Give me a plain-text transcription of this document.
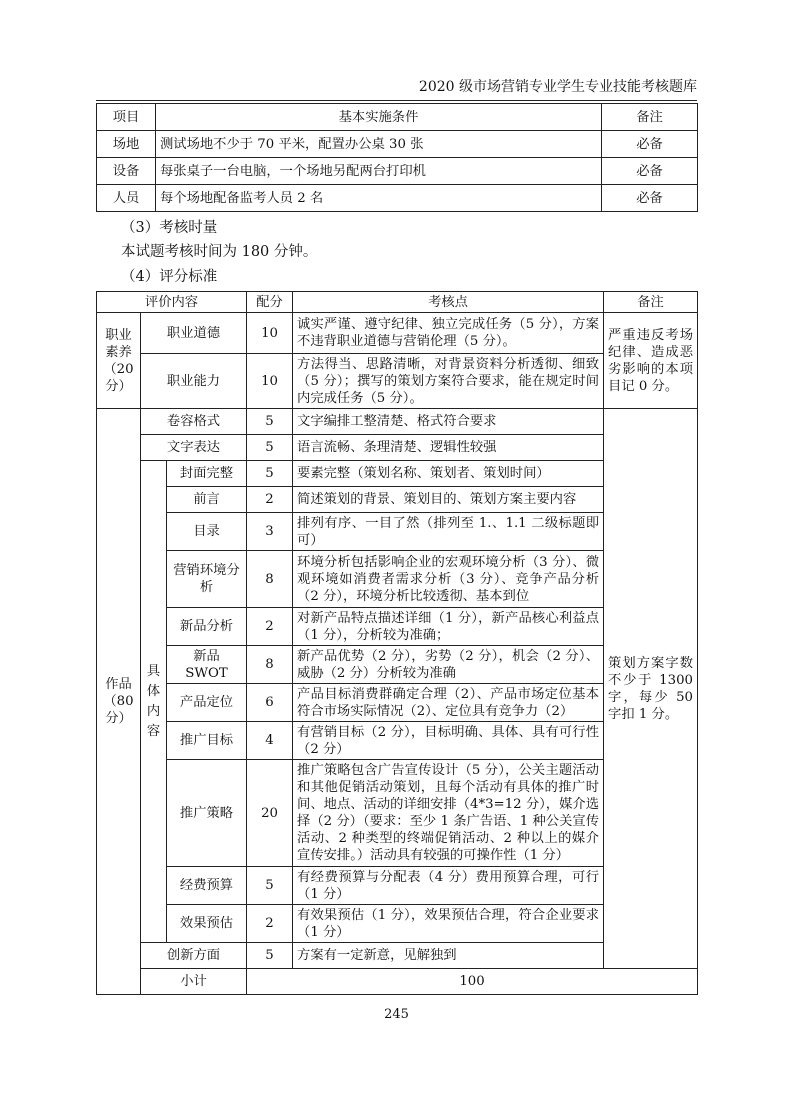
2020 级市场营销专业学生专业技能考核题库
项目	基本实施条件	备注
场地	测试场地不少于 70 平米，配置办公桌 30 张	必备
设备	每张桌子一台电脑，一个场地另配两台打印机	必备
人员	每个场地配备监考人员 2 名	必备
（3）考核时量
本试题考核时间为 180 分钟。
（4）评分标准
评价内容			配分	考核点	备注
职业素养（20 分）	职业道德		10	诚实严谨、遵守纪律、独立完成任务（5 分），方案不违背职业道德与营销伦理（5 分）。	严重违反考场纪律、造成恶劣影响的本项目记 0 分。
	职业能力		10	方法得当、思路清晰，对背景资料分析透彻、细致（5 分）；撰写的策划方案符合要求，能在规定时间内完成任务（5 分）。	
作品（80 分）	卷容格式		5	文字编排工整清楚、格式符合要求	策划方案字数不少于 1300 字，每少 50 字扣 1 分。
	文字表达		5	语言流畅、条理清楚、逻辑性较强	
	具体内容	封面完整	5	要素完整（策划名称、策划者、策划时间）	
		前言	2	简述策划的背景、策划目的、策划方案主要内容	
		目录	3	排列有序、一目了然（排列至 1.、1.1 二级标题即可）	
		营销环境分析	8	环境分析包括影响企业的宏观环境分析（3 分）、微观环境如消费者需求分析（3 分）、竞争产品分析（2 分），环境分析比较透彻、基本到位	
		新品分析	2	对新产品特点描述详细（1 分），新产品核心利益点（1 分），分析较为准确；	
		新品 SWOT	8	新产品优势（2 分），劣势（2 分），机会（2 分）、威胁（2 分）分析较为准确	
		产品定位	6	产品目标消费群确定合理（2）、产品市场定位基本符合市场实际情况（2）、定位具有竞争力（2）	
		推广目标	4	有营销目标（2 分），目标明确、具体、具有可行性（2 分）	
		推广策略	20	推广策略包含广告宣传设计（5 分），公关主题活动和其他促销活动策划，且每个活动有具体的推广时间、地点、活动的详细安排（4*3=12 分），媒介选择（2 分）（要求：至少 1 条广告语、1 种公关宣传活动、2 种类型的终端促销活动、2 种以上的媒介宣传安排。）活动具有较强的可操作性（1 分）	
		经费预算	5	有经费预算与分配表（4 分）费用预算合理，可行（1 分）	
		效果预估	2	有效果预估（1 分），效果预估合理，符合企业要求（1 分）	
	创新方面		5	方案有一定新意，见解独到	
	小计		100		
245
